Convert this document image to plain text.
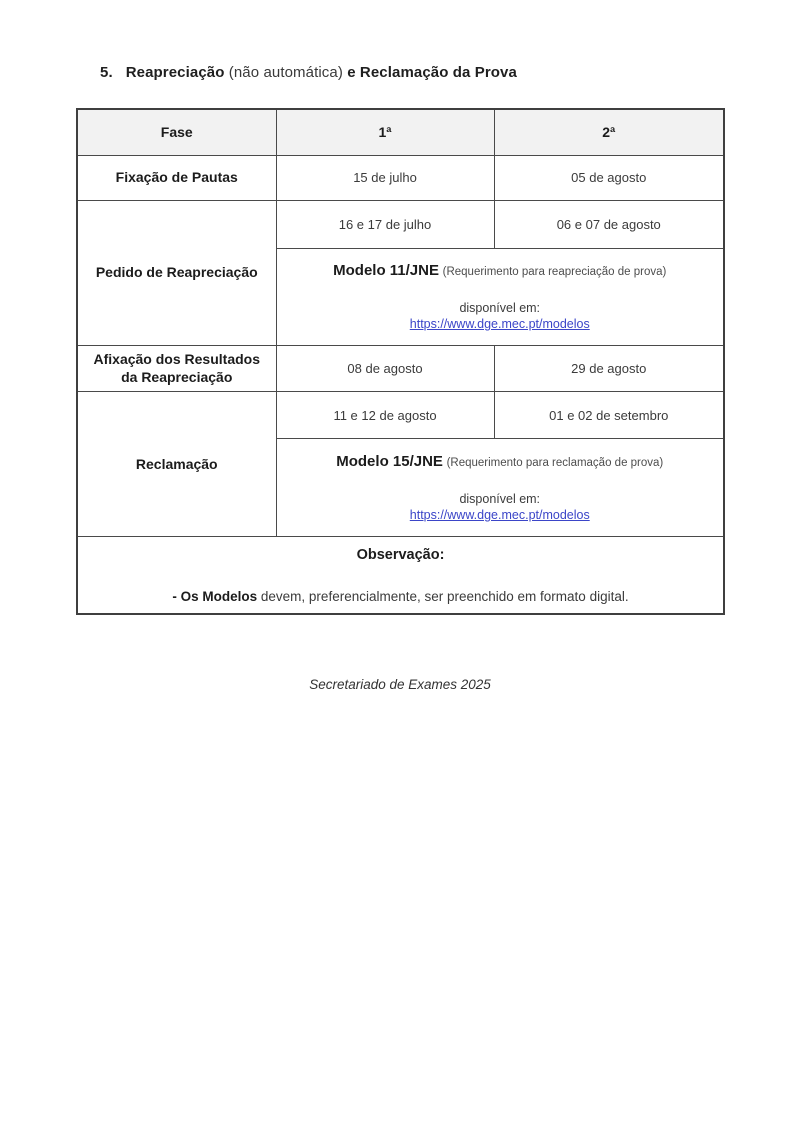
5. Reapreciação (não automática) e Reclamação da Prova
Fase	1ª	2ª
Fixação de Pautas	15 de julho	05 de agosto
Pedido de Reapreciação	16 e 17 de julho	06 e 07 de agosto

	Modelo 11/JNE (Requerimento para reapreciação de prova)
disponível em:
https://www.dge.mec.pt/modelos	

Afixação dos Resultados da Reapreciação	08 de agosto	29 de agosto
Reclamação	11 e 12 de agosto	01 e 02 de setembro

	Modelo 15/JNE (Requerimento para reclamação de prova)
disponível em:
https://www.dge.mec.pt/modelos	

Observação:
- Os Modelos devem, preferencialmente, ser preenchido em formato digital.		
Secretariado de Exames 2025
